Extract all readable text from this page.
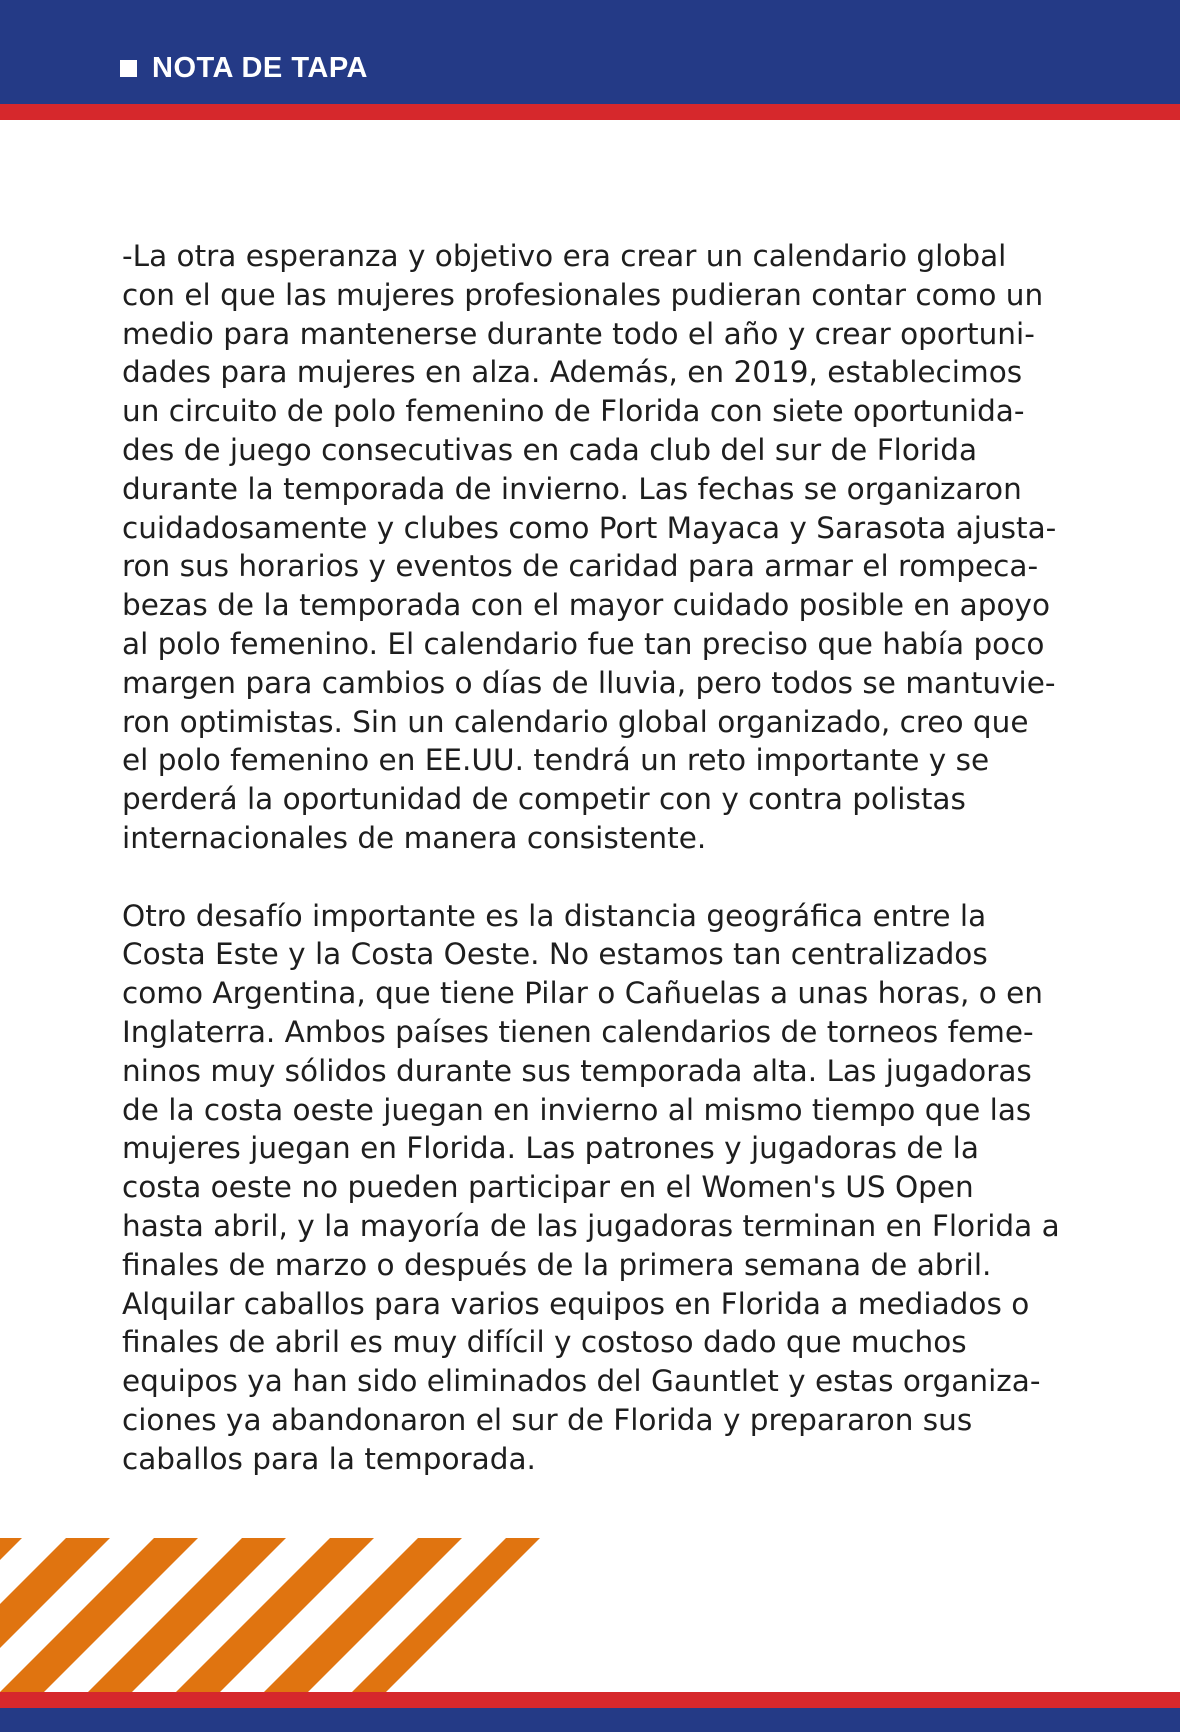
NOTA DE TAPA

-La otra esperanza y objetivo era crear un calendario global
con el que las mujeres profesionales pudieran contar como un
medio para mantenerse durante todo el año y crear oportuni-
dades para mujeres en alza. Además, en 2019, establecimos
un circuito de polo femenino de Florida con siete oportunida-
des de juego consecutivas en cada club del sur de Florida
durante la temporada de invierno. Las fechas se organizaron
cuidadosamente y clubes como Port Mayaca y Sarasota ajusta-
ron sus horarios y eventos de caridad para armar el rompeca-
bezas de la temporada con el mayor cuidado posible en apoyo
al polo femenino. El calendario fue tan preciso que había poco
margen para cambios o días de lluvia, pero todos se mantuvie-
ron optimistas. Sin un calendario global organizado, creo que
el polo femenino en EE.UU. tendrá un reto importante y se
perderá la oportunidad de competir con y contra polistas
internacionales de manera consistente.

Otro desafío importante es la distancia geográfica entre la
Costa Este y la Costa Oeste. No estamos tan centralizados
como Argentina, que tiene Pilar o Cañuelas a unas horas, o en
Inglaterra. Ambos países tienen calendarios de torneos feme-
ninos muy sólidos durante sus temporada alta. Las jugadoras
de la costa oeste juegan en invierno al mismo tiempo que las
mujeres juegan en Florida. Las patrones y jugadoras de la
costa oeste no pueden participar en el Women's US Open
hasta abril, y la mayoría de las jugadoras terminan en Florida a
finales de marzo o después de la primera semana de abril.
Alquilar caballos para varios equipos en Florida a mediados o
finales de abril es muy difícil y costoso dado que muchos
equipos ya han sido eliminados del Gauntlet y estas organiza-
ciones ya abandonaron el sur de Florida y prepararon sus
caballos para la temporada.
